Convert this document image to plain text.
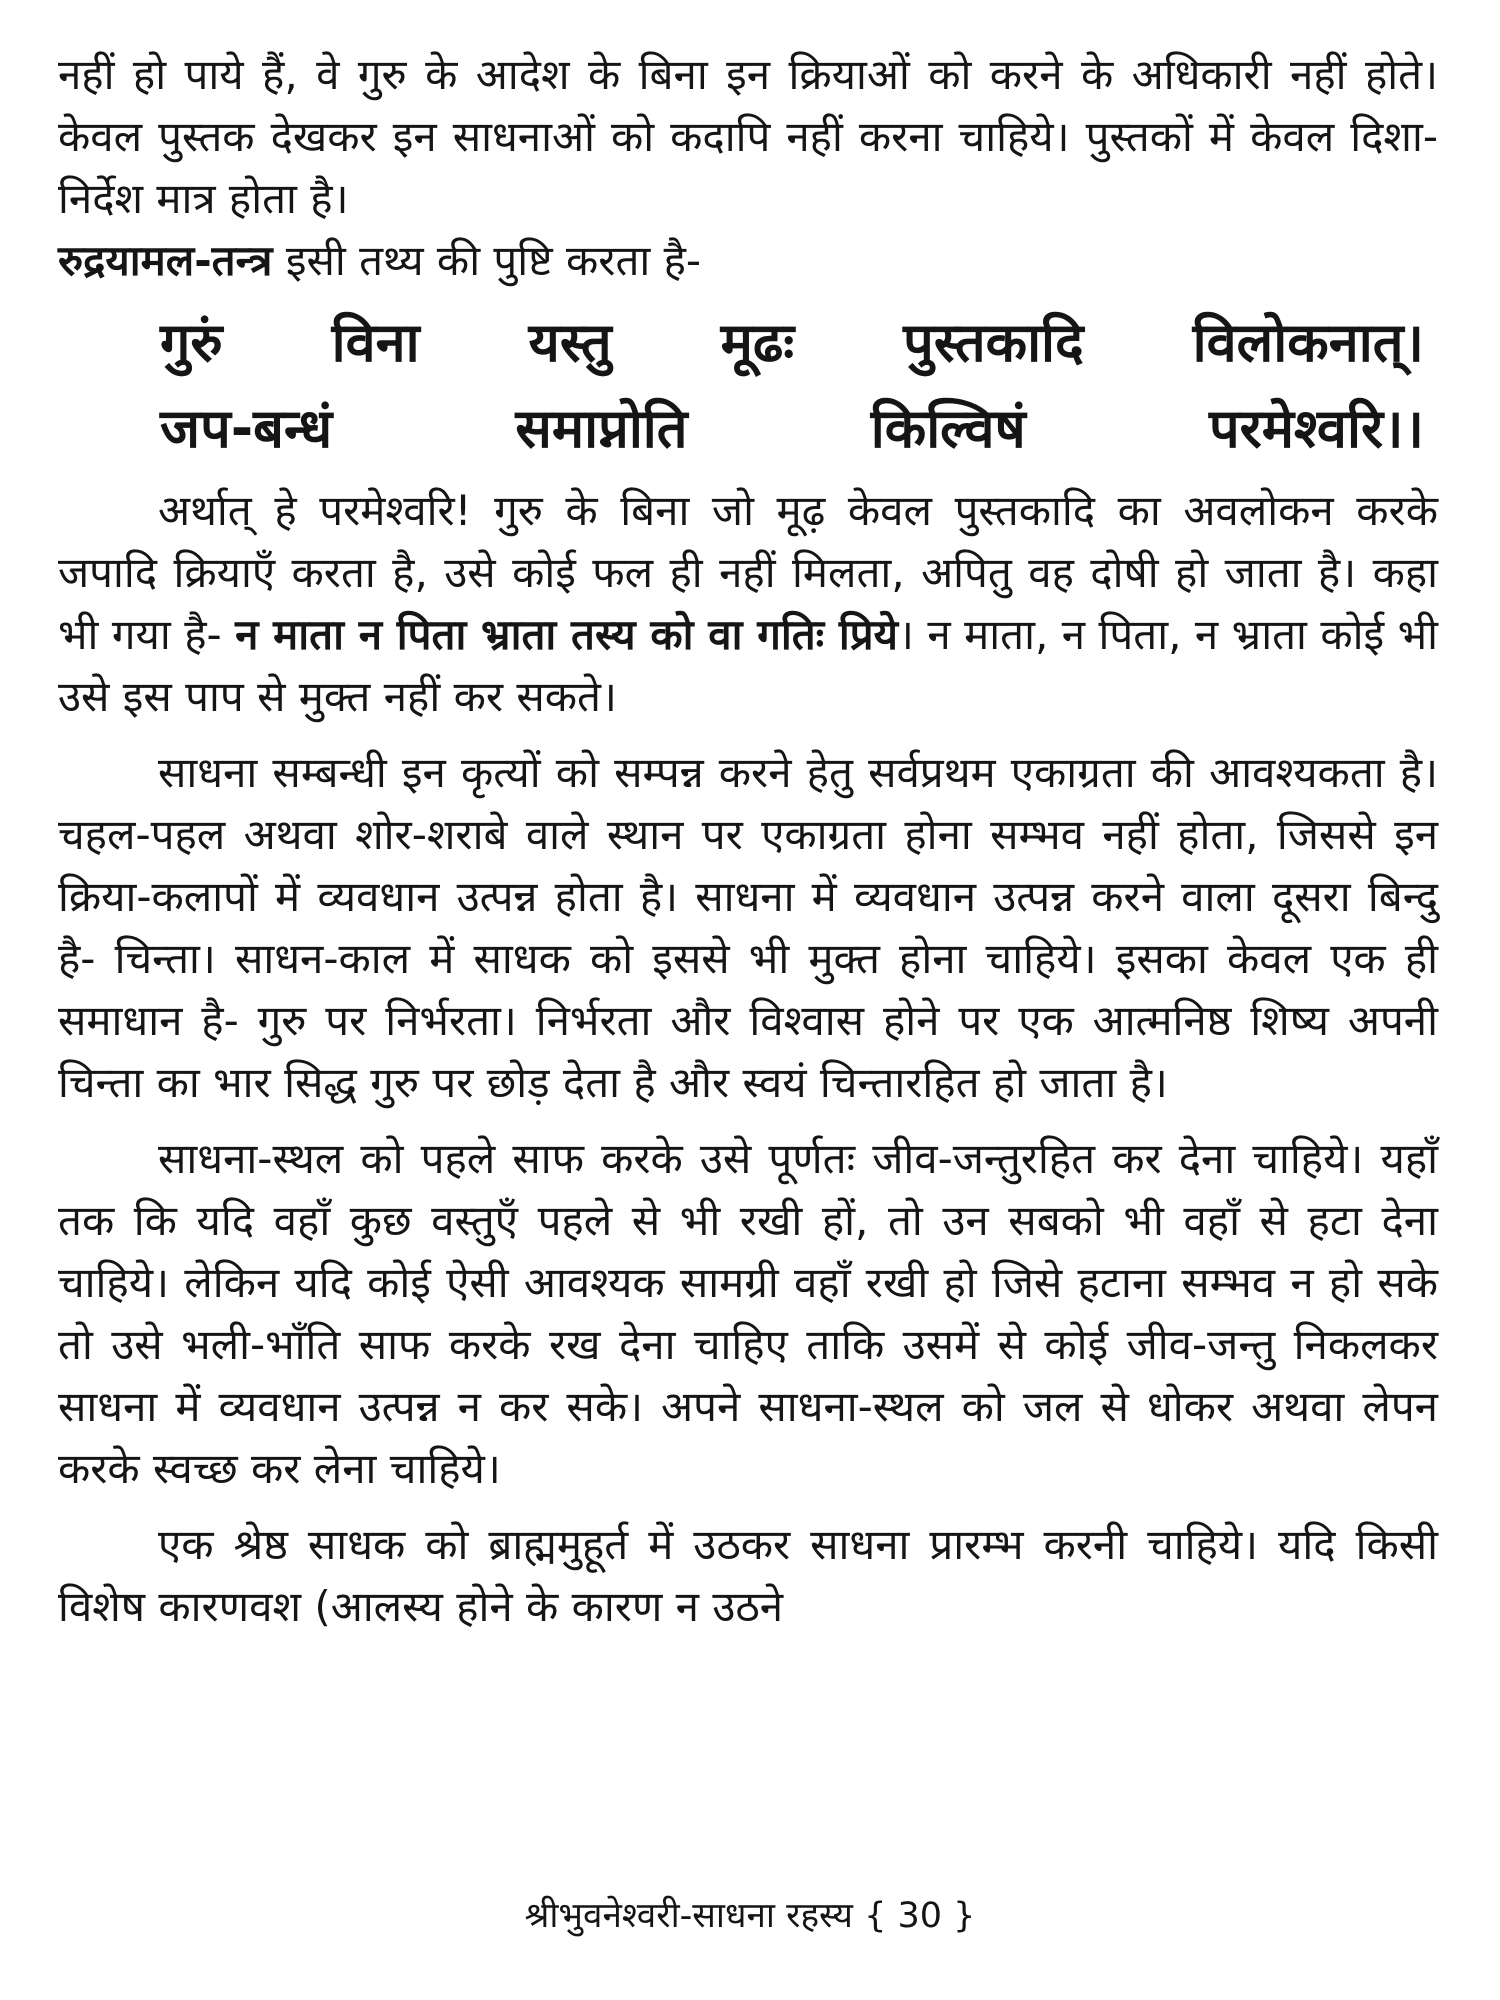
नहीं हो पाये हैं, वे गुरु के आदेश के बिना इन क्रियाओं को करने के अधिकारी नहीं होते। केवल पुस्तक देखकर इन साधनाओं को कदापि नहीं करना चाहिये। पुस्तकों में केवल दिशा-निर्देश मात्र होता है।
रुद्रयामल-तन्त्र इसी तथ्य की पुष्टि करता है-

गुरुं विना यस्तु मूढः पुस्तकादि विलोकनात्।
जप-बन्धं	समाप्नोति	किल्विषं	परमेश्वरि।।

अर्थात् हे परमेश्वरि! गुरु के बिना जो मूढ़ केवल पुस्तकादि का अवलोकन करके जपादि क्रियाएँ करता है, उसे कोई फल ही नहीं मिलता, अपितु वह दोषी हो जाता है। कहा भी गया है- न माता न पिता भ्राता तस्य को वा गतिः प्रिये। न माता, न पिता, न भ्राता कोई भी उसे इस पाप से मुक्त नहीं कर सकते।

साधना सम्बन्धी इन कृत्यों को सम्पन्न करने हेतु सर्वप्रथम एकाग्रता की आवश्यकता है। चहल-पहल अथवा शोर-शराबे वाले स्थान पर एकाग्रता होना सम्भव नहीं होता, जिससे इन क्रिया-कलापों में व्यवधान उत्पन्न होता है। साधना में व्यवधान उत्पन्न करने वाला दूसरा बिन्दु है- चिन्ता। साधन-काल में साधक को इससे भी मुक्त होना चाहिये। इसका केवल एक ही समाधान है- गुरु पर निर्भरता। निर्भरता और विश्वास होने पर एक आत्मनिष्ठ शिष्य अपनी चिन्ता का भार सिद्ध गुरु पर छोड़ देता है और स्वयं चिन्तारहित हो जाता है।

साधना-स्थल को पहले साफ करके उसे पूर्णतः जीव-जन्तुरहित कर देना चाहिये। यहाँ तक कि यदि वहाँ कुछ वस्तुएँ पहले से भी रखी हों, तो उन सबको भी वहाँ से हटा देना चाहिये। लेकिन यदि कोई ऐसी आवश्यक सामग्री वहाँ रखी हो जिसे हटाना सम्भव न हो सके तो उसे भली-भाँति साफ करके रख देना चाहिए ताकि उसमें से कोई जीव-जन्तु निकलकर साधना में व्यवधान उत्पन्न न कर सके। अपने साधना-स्थल को जल से धोकर अथवा लेपन करके स्वच्छ कर लेना चाहिये।

एक श्रेष्ठ साधक को ब्राह्ममुहूर्त में उठकर साधना प्रारम्भ करनी चाहिये। यदि किसी विशेष कारणवश (आलस्य होने के कारण न उठने

श्रीभुवनेश्वरी-साधना रहस्य { 30 }
